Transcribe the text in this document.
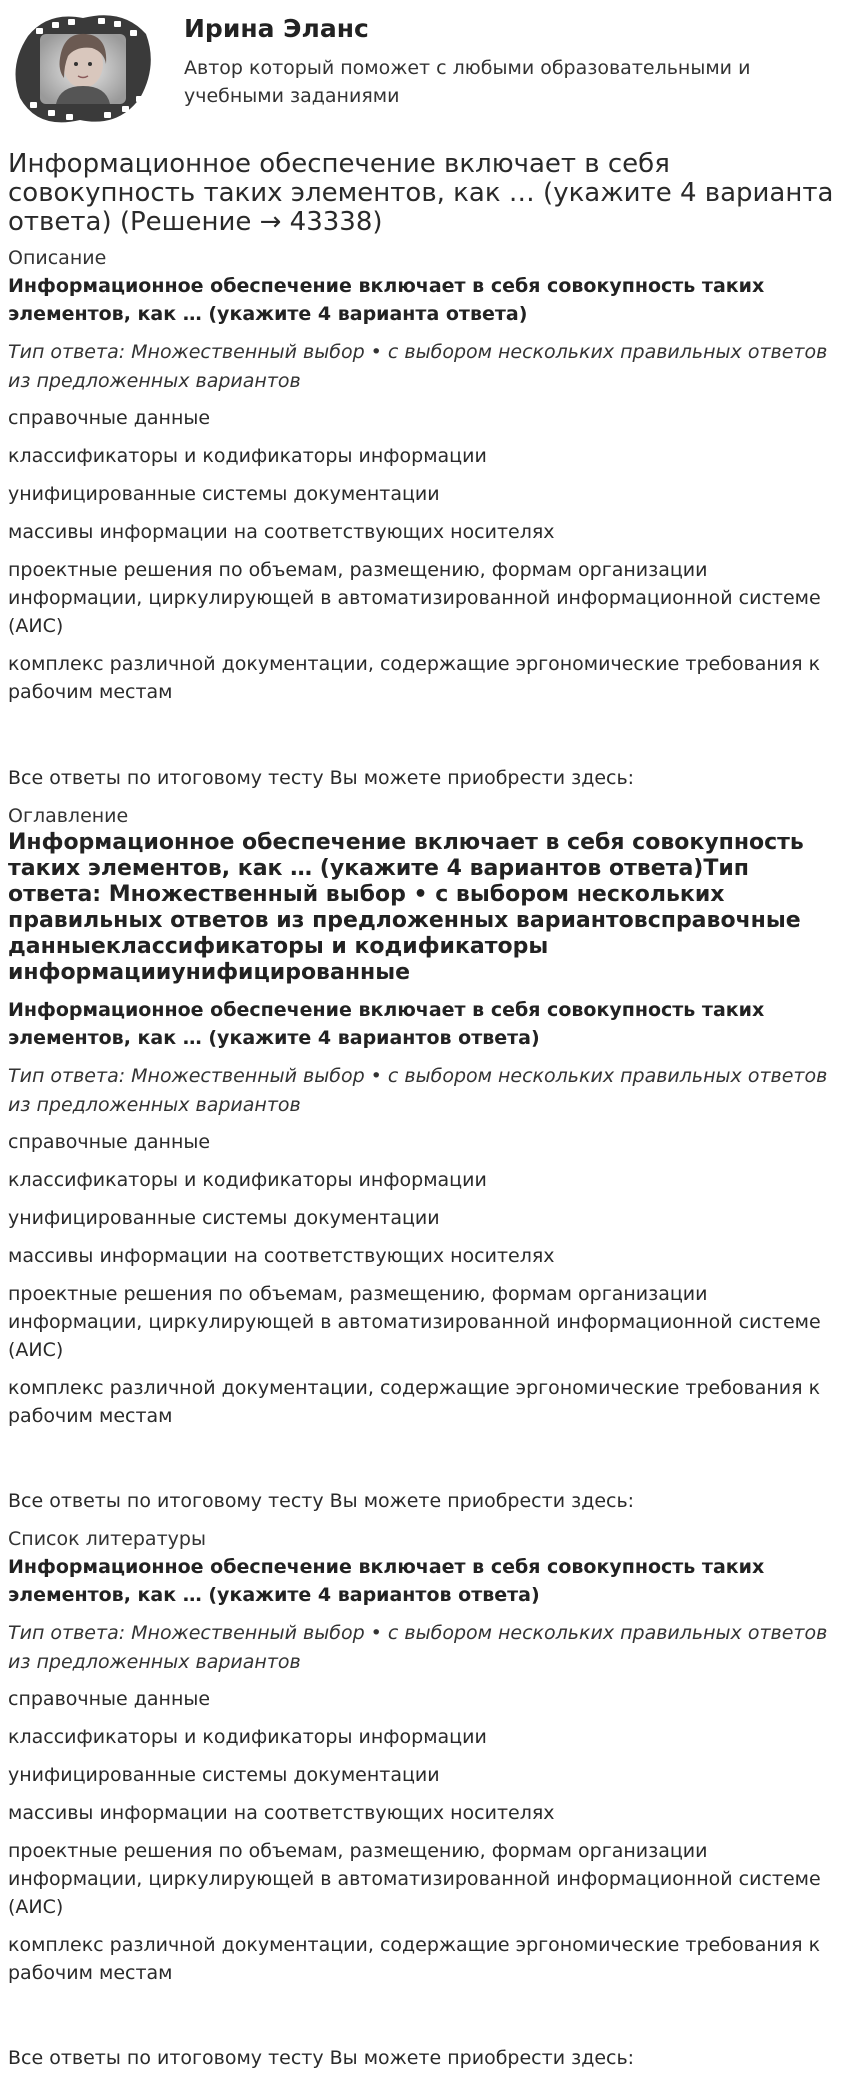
Ирина Эланс
Автор который поможет с любыми образовательными и учебными заданиями
Информационное обеспечение включает в себя совокупность таких элементов, как … (укажите 4 варианта ответа) (Решение → 43338)

Описание

Информационное обеспечение включает в себя совокупность таких элементов, как … (укажите 4 варианта ответа)

Тип ответа: Множественный выбор • с выбором нескольких правильных ответов из предложенных вариантов

справочные данные

классификаторы и кодификаторы информации

унифицированные системы документации

массивы информации на соответствующих носителях

проектные решения по объемам, размещению, формам организации информации, циркулирующей в автоматизированной информационной системе (АИС)

комплекс различной документации, содержащие эргономические требования к рабочим местам

Все ответы по итоговому тесту Вы можете приобрести здесь:

Оглавление

Информационное обеспечение включает в себя совокупность таких элементов, как … (укажите 4 вариантов ответа)Тип ответа: Множественный выбор • с выбором нескольких правильных ответов из предложенных вариантовсправочные данныеклассификаторы и кодификаторы информацииунифицированные

Информационное обеспечение включает в себя совокупность таких элементов, как … (укажите 4 вариантов ответа)

Тип ответа: Множественный выбор • с выбором нескольких правильных ответов из предложенных вариантов

справочные данные

классификаторы и кодификаторы информации

унифицированные системы документации

массивы информации на соответствующих носителях

проектные решения по объемам, размещению, формам организации информации, циркулирующей в автоматизированной информационной системе (АИС)

комплекс различной документации, содержащие эргономические требования к рабочим местам

Все ответы по итоговому тесту Вы можете приобрести здесь:

Список литературы

Информационное обеспечение включает в себя совокупность таких элементов, как … (укажите 4 вариантов ответа)

Тип ответа: Множественный выбор • с выбором нескольких правильных ответов из предложенных вариантов

справочные данные

классификаторы и кодификаторы информации

унифицированные системы документации

массивы информации на соответствующих носителях

проектные решения по объемам, размещению, формам организации информации, циркулирующей в автоматизированной информационной системе (АИС)

комплекс различной документации, содержащие эргономические требования к рабочим местам

Все ответы по итоговому тесту Вы можете приобрести здесь:
